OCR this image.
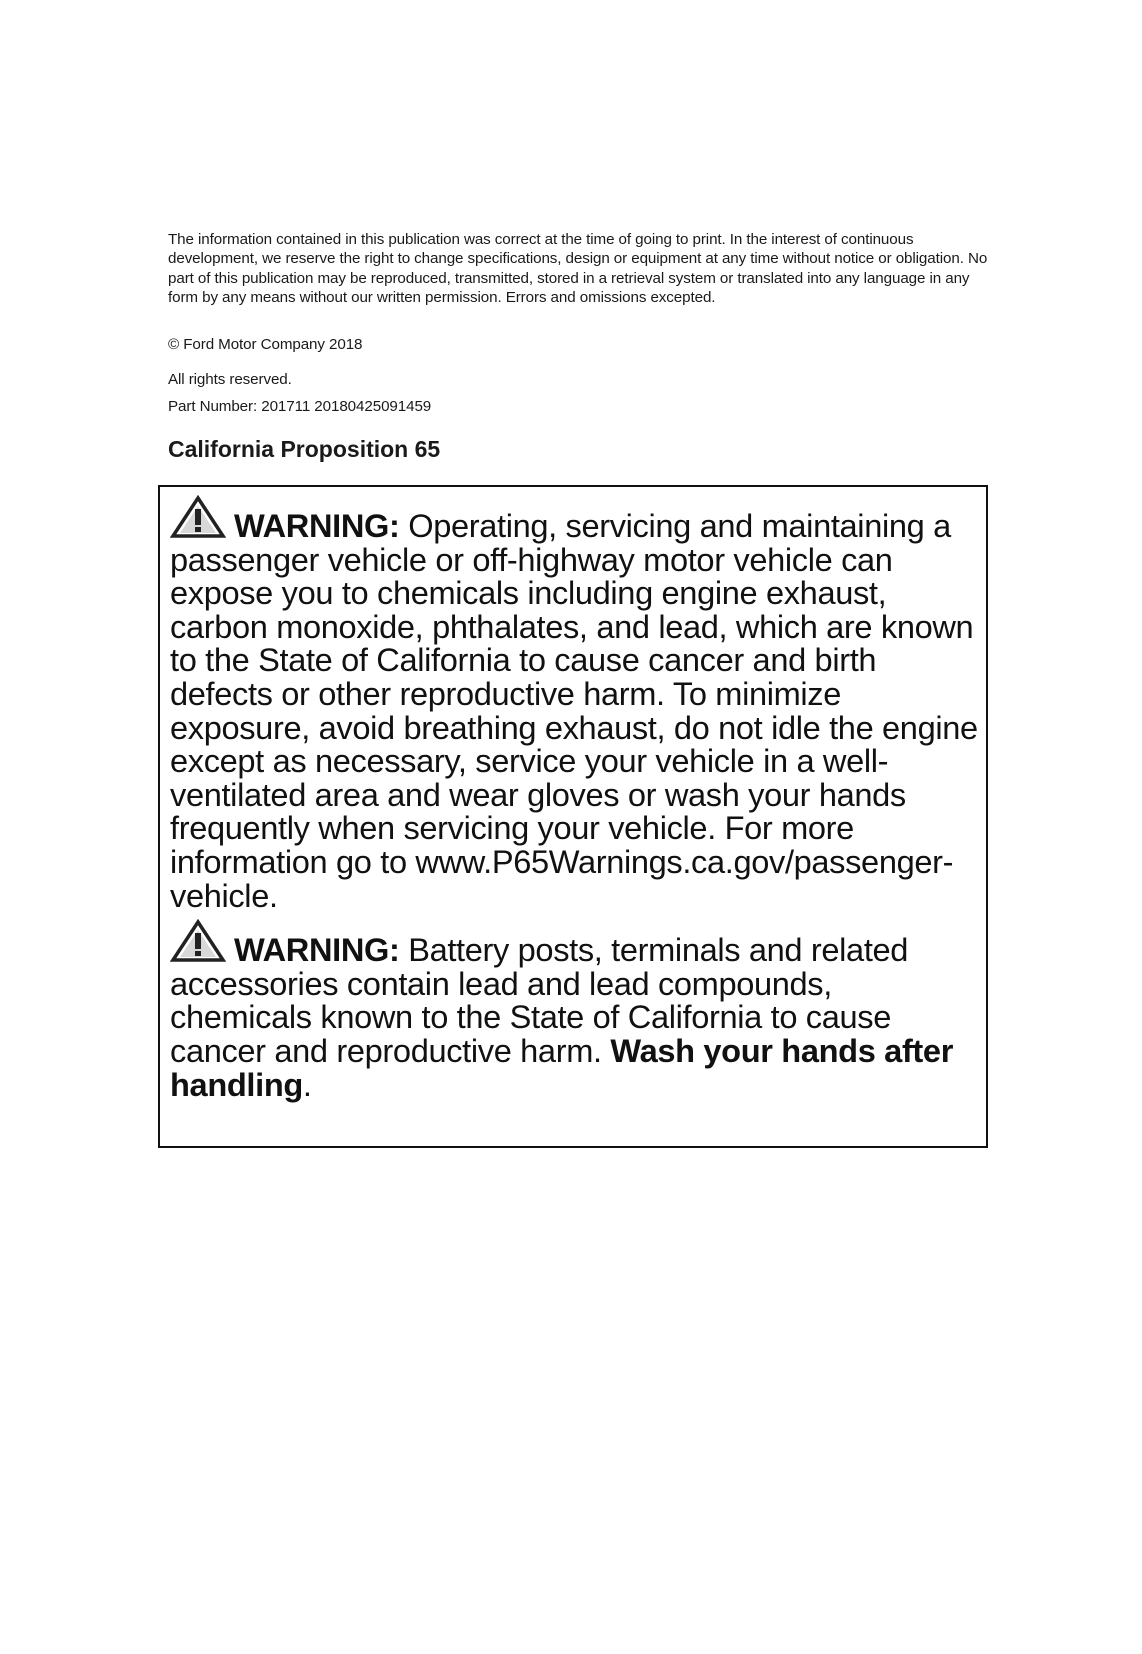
The information contained in this publication was correct at the time of going to print. In the interest of continuous development, we reserve the right to change specifications, design or equipment at any time without notice or obligation. No part of this publication may be reproduced, transmitted, stored in a retrieval system or translated into any language in any form by any means without our written permission. Errors and omissions excepted.

© Ford Motor Company 2018
All rights reserved.
Part Number: 201711 20180425091459
California Proposition 65

WARNING: Operating, servicing and maintaining a passenger vehicle or off-highway motor vehicle can expose you to chemicals including engine exhaust, carbon monoxide, phthalates, and lead, which are known to the State of California to cause cancer and birth defects or other reproductive harm. To minimize exposure, avoid breathing exhaust, do not idle the engine except as necessary, service your vehicle in a well-ventilated area and wear gloves or wash your hands frequently when servicing your vehicle. For more information go to www.P65Warnings.ca.gov/passenger-vehicle.

WARNING: Battery posts, terminals and related accessories contain lead and lead compounds, chemicals known to the State of California to cause cancer and reproductive harm. Wash your hands after handling.
